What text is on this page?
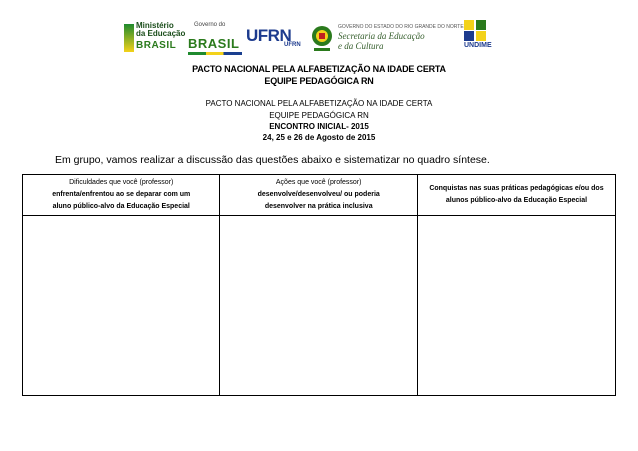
Ministério
da Educação
BRASIL
Governo do
BRASIL UFRN
UFRN
GOVERNO DO ESTADO DO RIO GRANDE DO NORTE
Secretaria da Educação
e da Cultura	UNDIME
PACTO NACIONAL PELA ALFABETIZAÇÃO NA IDADE CERTA
EQUIPE PEDAGÓGICA RN
PACTO NACIONAL PELA ALFABETIZAÇÃO NA IDADE CERTA
EQUIPE PEDAGÓGICA RN
ENCONTRO INICIAL- 2015
24, 25 e 26 de Agosto de 2015
Em grupo, vamos realizar a discussão das questões abaixo e sistematizar no quadro síntese.
Dificuldades que você (professor)
enfrenta/enfrentou ao se deparar com um
aluno público-alvo da Educação Especial	Ações que você (professor)
desenvolve/desenvolveu/ ou poderia
desenvolver na prática inclusiva	Conquistas nas suas práticas pedagógicas e/ou dos
alunos público-alvo da Educação Especial
